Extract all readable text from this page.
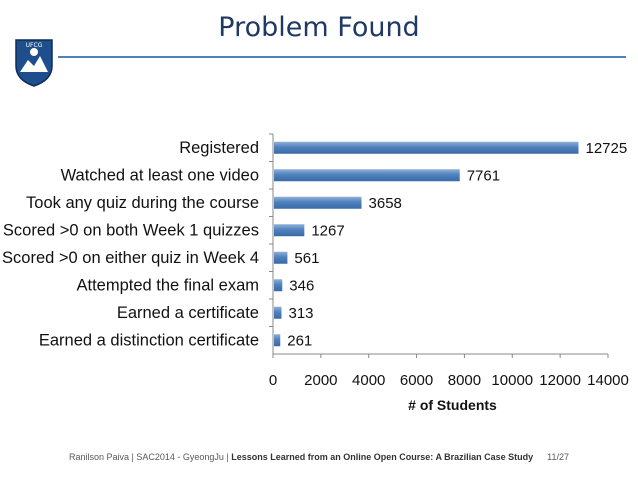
Problem Found
UFCG
Registered	12725
Watched at least one video	7761
Took any quiz during the course	3658
Scored >0 on both Week 1 quizzes	1267
Scored >0 on either quiz in Week 4 561
Attempted the final exam 346
Earned a certificate 313
Earned a distinction certificate 261
0 2000 4000 6000 8000 10000 12000 14000
# of Students
Ranilson Paiva | SAC2014 - GyeongJu | Lessons Learned from an Online Open Course: A Brazilian Case Study 11/27
